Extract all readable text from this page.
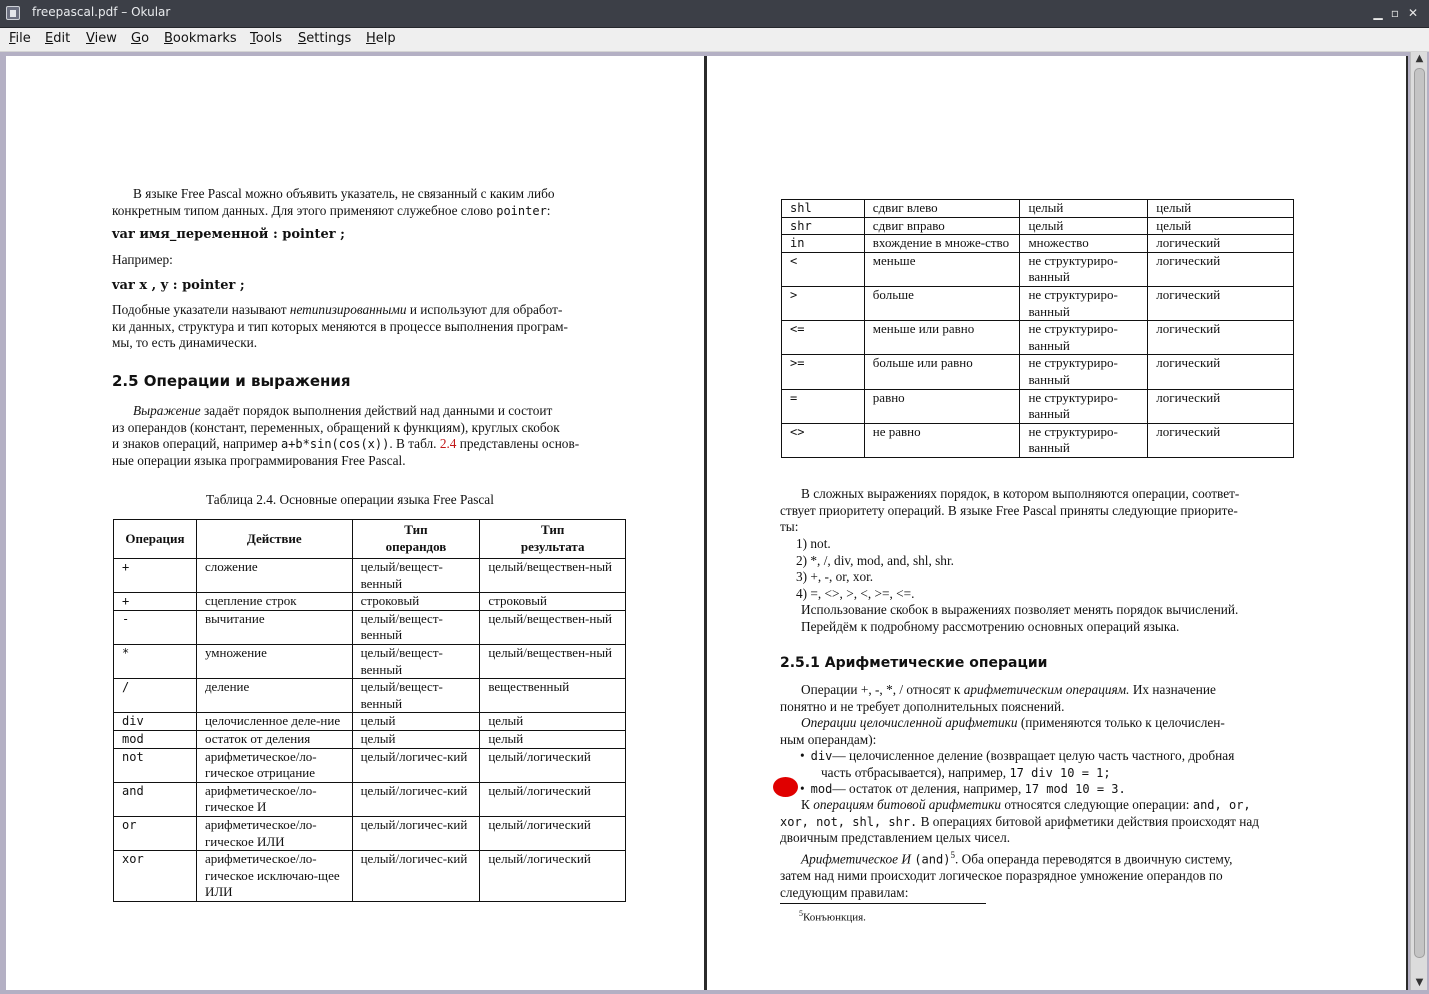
freepascal.pdf – Okular	▁ ▫ ✕
File Edit View Go Bookmarks Tools Settings Help

В языке Free Pascal можно объявить указатель, не связанный с каким либо
конкретным типом данных. Для этого применяют служебное слово pointer:

var имя_переменной : pointer ;

Например:

var x , y : pointer ;

Подобные указатели называют нетипизированными и используют для обработ-
ки данных, структура и тип которых меняются в процессе выполнения програм-
мы, то есть динамически.

2.5 Операции и выражения

Выражение задаёт порядок выполнения действий над данными и состоит
из операндов (констант, переменных, обращений к функциям), круглых скобок
и знаков операций, например a+b*sin(cos(x)). В табл. 2.4 представлены основ-
ные операции языка программирования Free Pascal.

Таблица 2.4. Основные операции языка Free Pascal
Операция	Действие	Тип операндов	Тип результата
+	сложение	целый/вещест-венный	целый/веществен-ный
+	сцепление строк	строковый	строковый
-	вычитание	целый/вещест-венный	целый/веществен-ный
*	умножение	целый/вещест-венный	целый/веществен-ный
/	деление	целый/вещест-венный	вещественный
div	целочисленное деле-ние	целый	целый
mod	остаток от деления	целый	целый
not	арифметическое/ло-гическое отрицание	целый/логичес-кий	целый/логический
and	арифметическое/ло-гическое И	целый/логичес-кий	целый/логический
or	арифметическое/ло-гическое ИЛИ	целый/логичес-кий	целый/логический
xor	арифметическое/ло-гическое исключаю-щее ИЛИ	целый/логичес-кий	целый/логический
shl	сдвиг влево	целый	целый
shr	сдвиг вправо	целый	целый
in	вхождение в множе-ство	множество	логический
<	меньше	не структуриро-ванный	логический
>	больше	не структуриро-ванный	логический
<=	меньше или равно	не структуриро-ванный	логический
>=	больше или равно	не структуриро-ванный	логический
=	равно	не структуриро-ванный	логический
<>	не равно	не структуриро-ванный	логический

В сложных выражениях порядок, в котором выполняются операции, соответ-
ствует приоритету операций. В языке Free Pascal приняты следующие приорите-
ты:

1) not.
2) *, /, div, mod, and, shl, shr.
3) +, -, or, xor.
4) =, <>, >, <, >=, <=.

Использование скобок в выражениях позволяет менять порядок вычислений.
Перейдём к подробному рассмотрению основных операций языка.

2.5.1 Арифметические операции

Операции +, -, *, / относят к арифметическим операциям. Их назначение
понятно и не требует дополнительных пояснений.
Операции целочисленной арифметики (применяются только к целочислен-
ным операндам):

• div— целочисленное деление (возвращает целую часть частного, дробная
часть отбрасывается), например, 17 div 10 = 1;

• mod— остаток от деления, например, 17 mod 10 = 3.

К операциям битовой арифметики относятся следующие операции: and, or,
xor, not, shl, shr. В операциях битовой арифметики действия происходят над
двоичным представлением целых чисел.

Арифметическое И (and)$^5$. Оба операнда переводятся в двоичную систему,
затем над ними происходит логическое поразрядное умножение операндов по
следующим правилам:

$^5$Конъюнкция.
▲
▼
